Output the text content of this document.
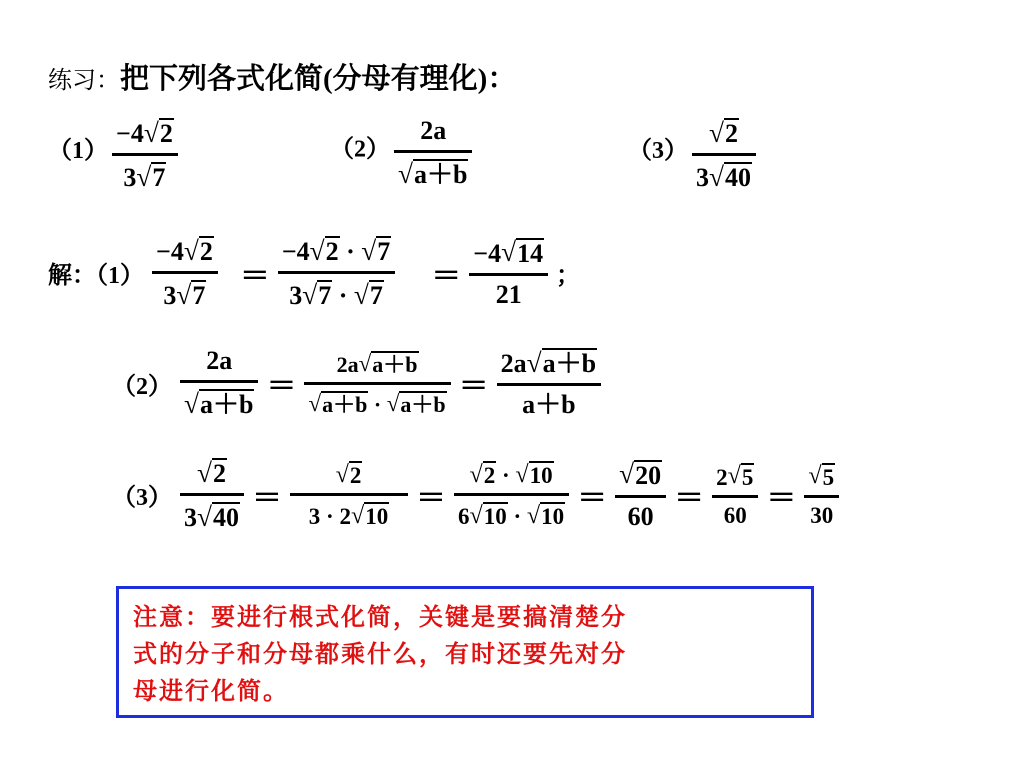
练习：把下列各式化简(分母有理化)：
$(1) \frac{-4 √ 2}{3 √ 7}$	$(2) \frac{2a}{√ a+b}$	$(3) \frac{√ 2}{3 √ 40}$
解：$(1) \frac{-4 √ 2}{3 √ 7} = -4$ √ 2
·
√ 7
3 √ 7
·
√ $7 = \frac{-4 √ 14}{21}$ ；
$(2) \frac{2a}{√ a+b} = 2a$ √ a＋b
√ a＋b
·
√ $a+b = \frac{2a √ a+b}{a+b}$
$(3) \frac{√ 2}{3 √ 40}$ ＝ √ 2
3
·
2 √ 10 ＝ √ 2
·
√ 10
6 √ 10
·
√ $10 = \frac{√ 20}{60} = \frac{2 √ 5}{60} = \frac{√ 5}{30}$
注意：要进行根式化简，关键是要搞清楚分
式的分子和分母都乘什么，有时还要先对分
母进行化简。
